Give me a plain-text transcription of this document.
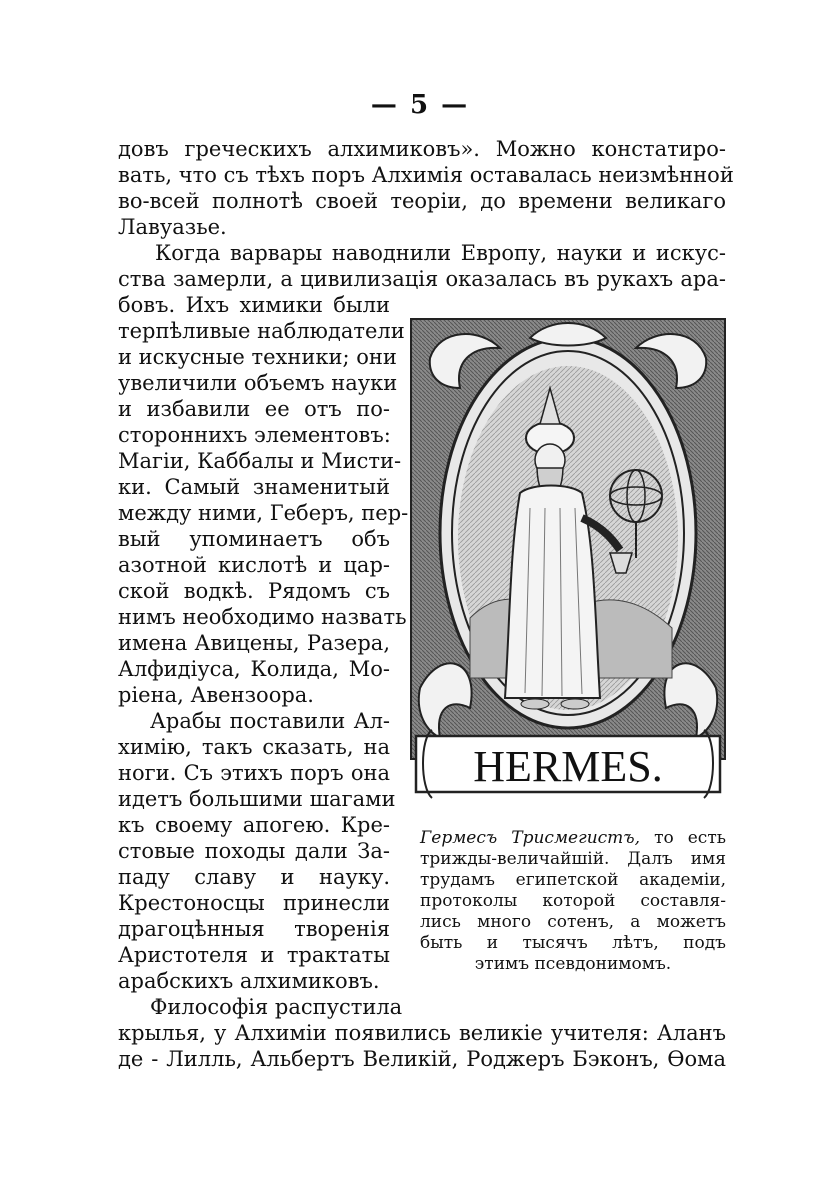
— 5 —
довъ греческихъ алхимиковъ». Можно констатиро-
вать, что съ тѣхъ поръ Алхимія оставалась неизмѣнной
во-всей полнотѣ своей теоріи, до времени великаго
Лавуазье.
Когда варвары наводнили Европу, науки и искус-
ства замерли, а цивилизація оказалась въ рукахъ ара-
бовъ. Ихъ химики были
терпѣливые наблюдатели
и искусные техники; они
увеличили объемъ науки
и избавили ее отъ по-
стороннихъ элементовъ:
Магіи, Каббалы и Мисти-
ки. Самый знаменитый
между ними, Геберъ, пер-
вый упоминаетъ объ
азотной кислотѣ и цар-
ской водкѣ. Рядомъ съ
нимъ необходимо назвать
имена Авицены, Разера,
Алфидіуса, Колида, Мо-
ріена, Авензоора.
Арабы поставили Ал-
химію, такъ сказать, на
ноги. Съ этихъ поръ она
идетъ большими шагами
къ своему апогею. Кре-
стовые походы дали За-
паду славу и науку.
Крестоносцы принесли
драгоцѣнныя творенія
Аристотеля и трактаты
арабскихъ алхимиковъ.
Философія распустила
крылья, у Алхиміи появились великіе учителя: Аланъ
де - Лилль, Альбертъ Великій, Роджеръ Бэконъ, Ѳома
HERMES.
Гермесъ Трисмегистъ, то есть
трижды-величайшій. Далъ имя
трудамъ египетской академіи,
протоколы которой составля-
лись много сотенъ, а можетъ
быть и тысячъ лѣтъ, подъ
этимъ псевдонимомъ.
